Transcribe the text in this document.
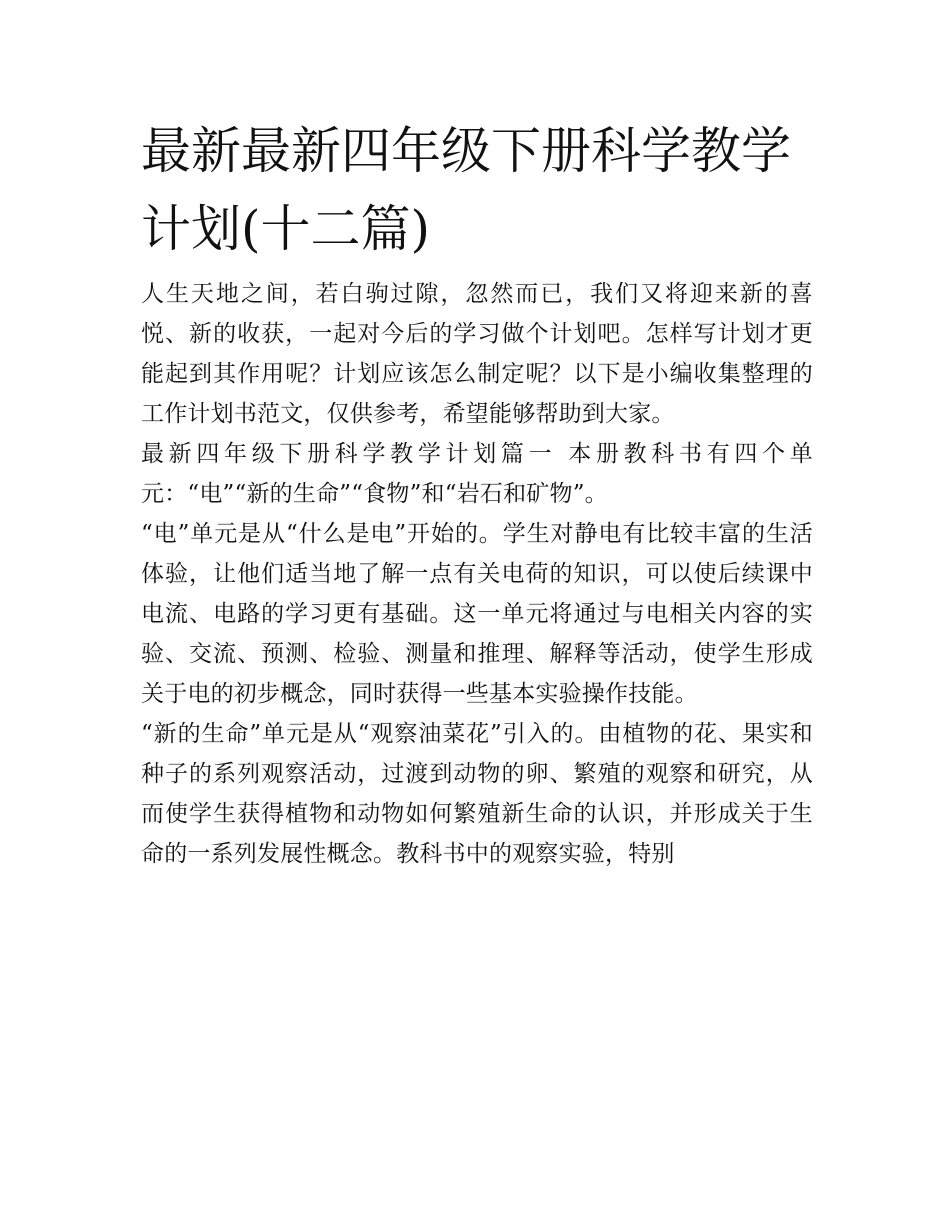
最新最新四年级下册科学教学计划(十二篇)

人生天地之间，若白驹过隙，忽然而已，我们又将迎来新的喜悦、新的收获，一起对今后的学习做个计划吧。怎样写计划才更能起到其作用呢？计划应该怎么制定呢？以下是小编收集整理的工作计划书范文，仅供参考，希望能够帮助到大家。

最新四年级下册科学教学计划篇一 本册教科书有四个单元：“电”“新的生命”“食物”和“岩石和矿物”。

“电”单元是从“什么是电”开始的。学生对静电有比较丰富的生活体验，让他们适当地了解一点有关电荷的知识，可以使后续课中电流、电路的学习更有基础。这一单元将通过与电相关内容的实验、交流、预测、检验、测量和推理、解释等活动，使学生形成关于电的初步概念，同时获得一些基本实验操作技能。

“新的生命”单元是从“观察油菜花”引入的。由植物的花、果实和种子的系列观察活动，过渡到动物的卵、繁殖的观察和研究，从而使学生获得植物和动物如何繁殖新生命的认识，并形成关于生命的一系列发展性概念。教科书中的观察实验，特别
